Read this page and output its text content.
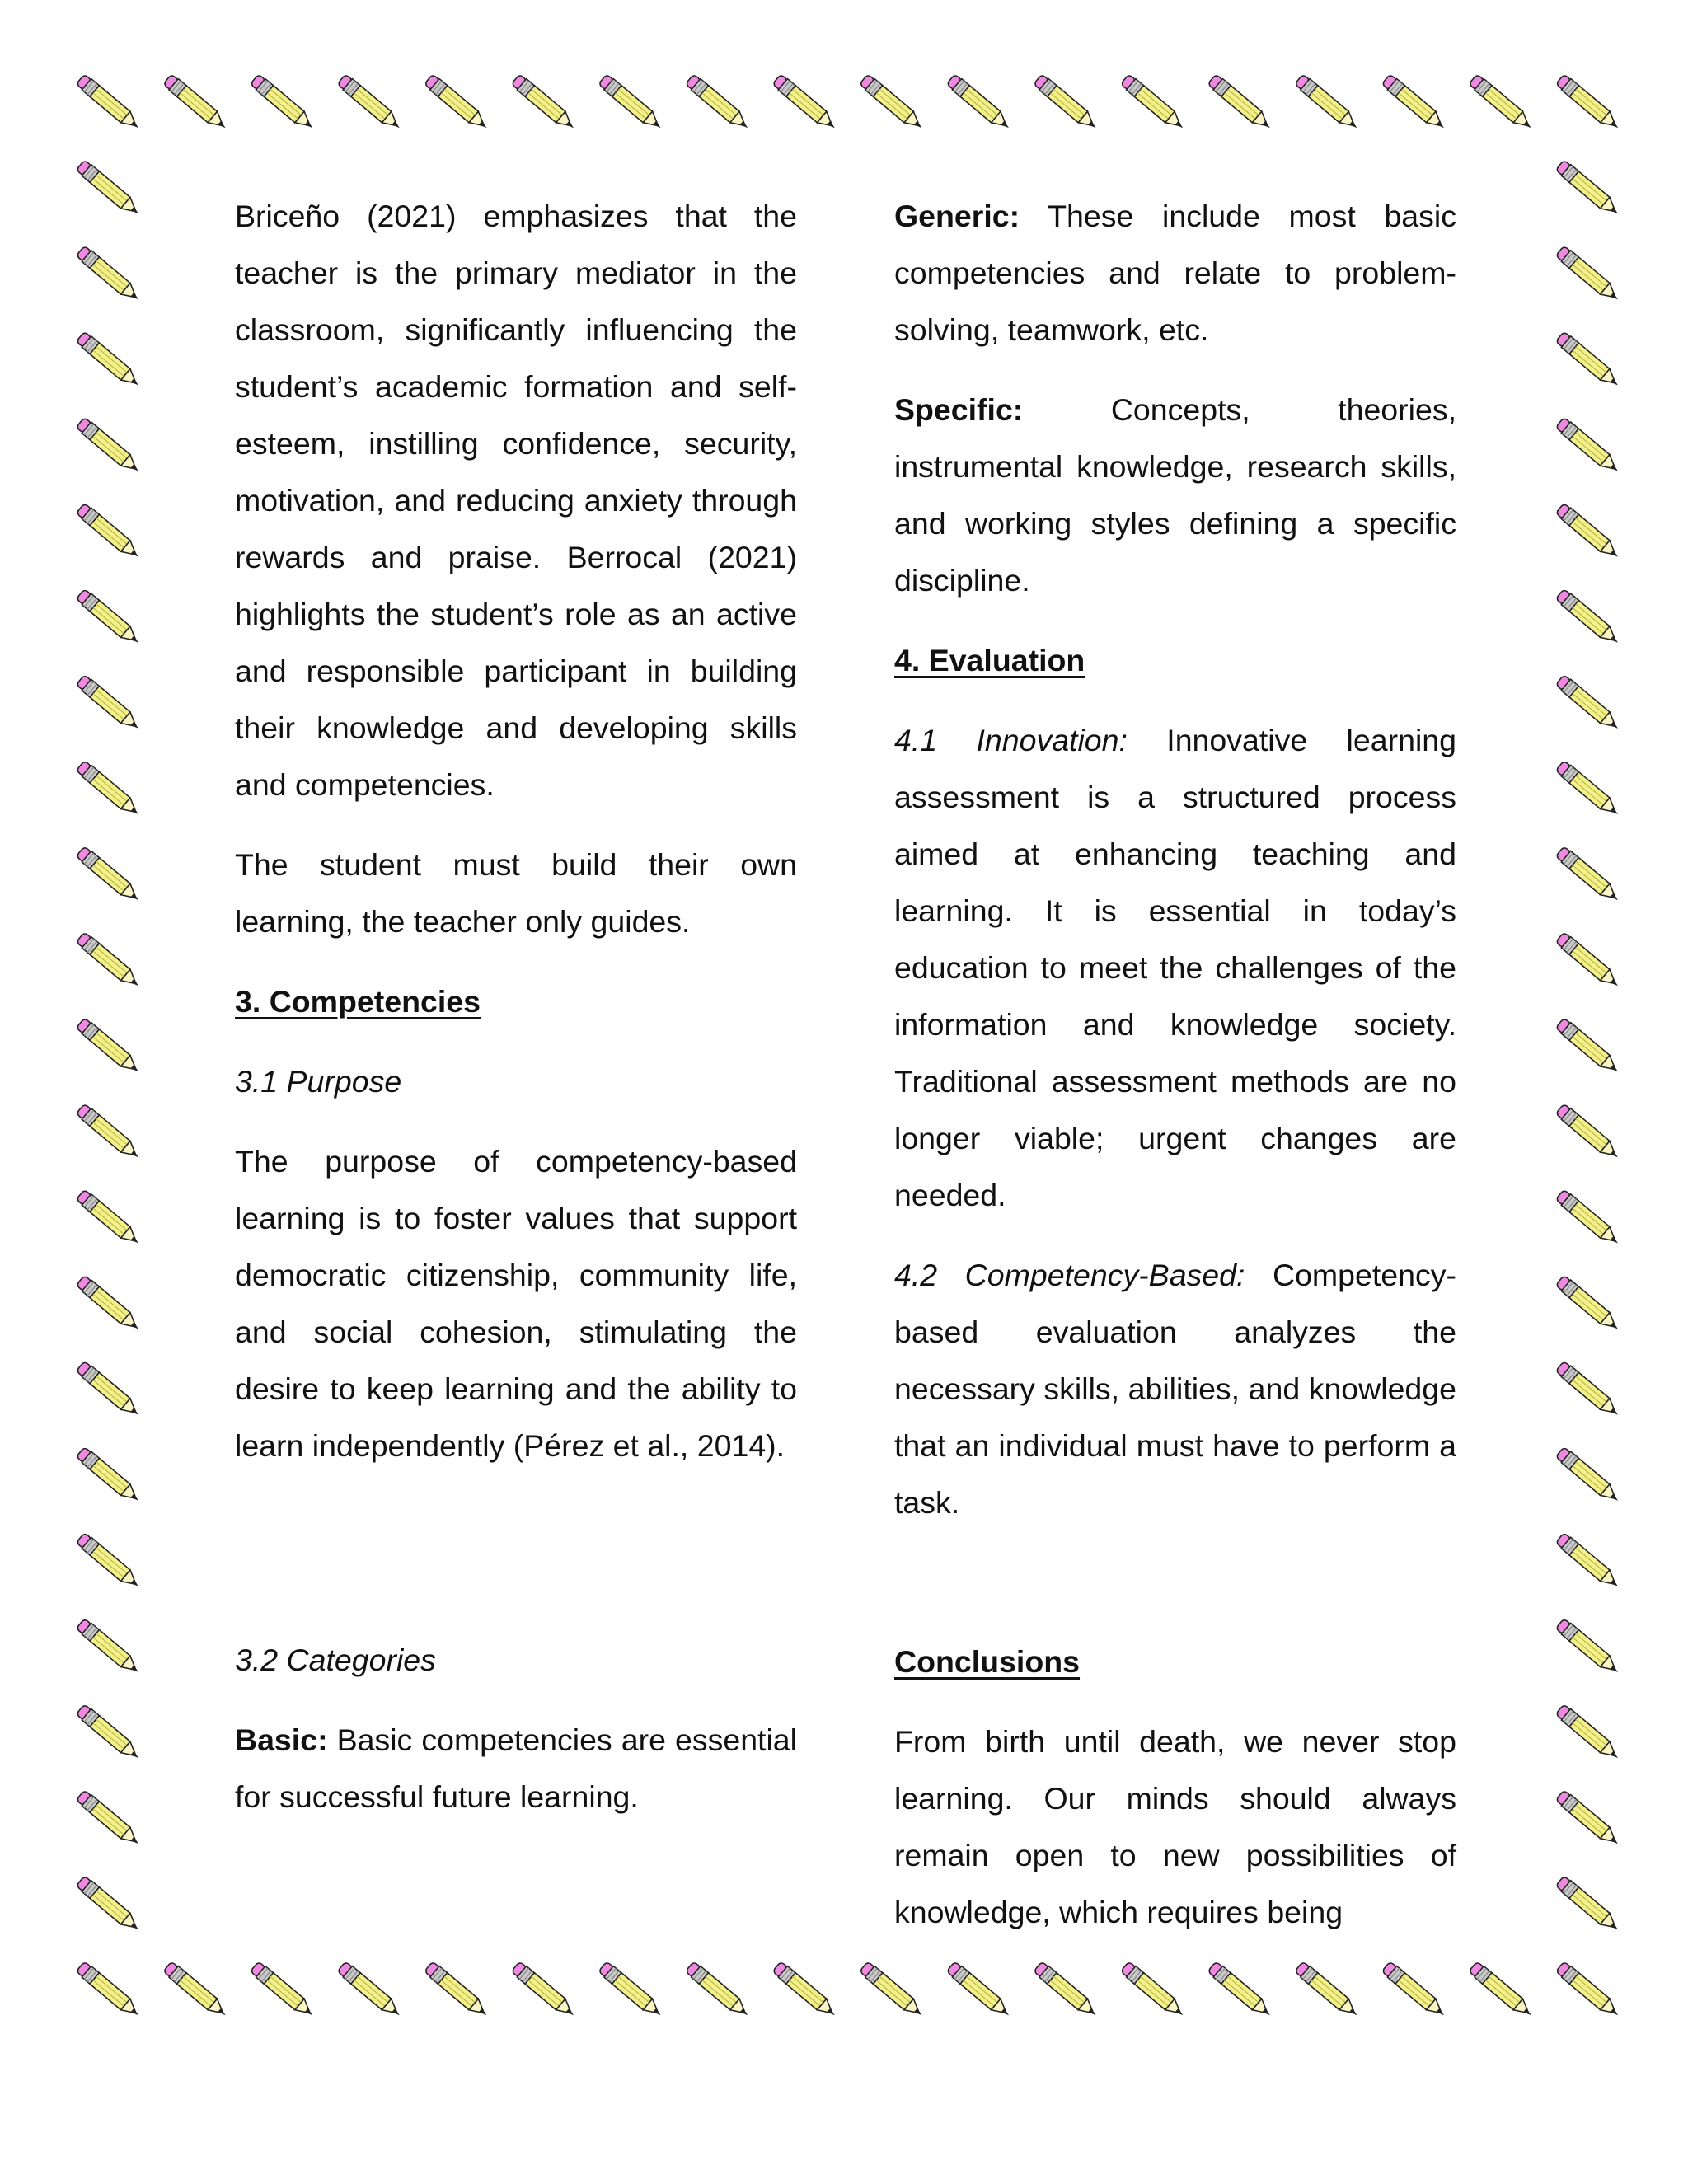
Briceño (2021) emphasizes that the teacher is the primary mediator in the classroom, significantly influencing the student’s academic formation and self-esteem, instilling confidence, security, motivation, and reducing anxiety through rewards and praise. Berrocal (2021) highlights the student’s role as an active and responsible participant in building their knowledge and developing skills and competencies.

The student must build their own learning, the teacher only guides.

3. Competencies
3.1 Purpose

The purpose of competency-based learning is to foster values that support democratic citizenship, community life, and social cohesion, stimulating the desire to keep learning and the ability to learn independently (Pérez et al., 2014).

3.2 Categories

Basic: Basic competencies are essential for successful future learning.

Generic: These include most basic competencies and relate to problem-solving, teamwork, etc.

Specific: Concepts, theories, instrumental knowledge, research skills, and working styles defining a specific discipline.

4. Evaluation

4.1 Innovation: Innovative learning assessment is a structured process aimed at enhancing teaching and learning. It is essential in today’s education to meet the challenges of the information and knowledge society. Traditional assessment methods are no longer viable; urgent changes are needed.

4.2 Competency-Based: Competency-based evaluation analyzes the necessary skills, abilities, and knowledge that an individual must have to perform a task.

Conclusions

From birth until death, we never stop learning. Our minds should always remain open to new possibilities of knowledge, which requires being
